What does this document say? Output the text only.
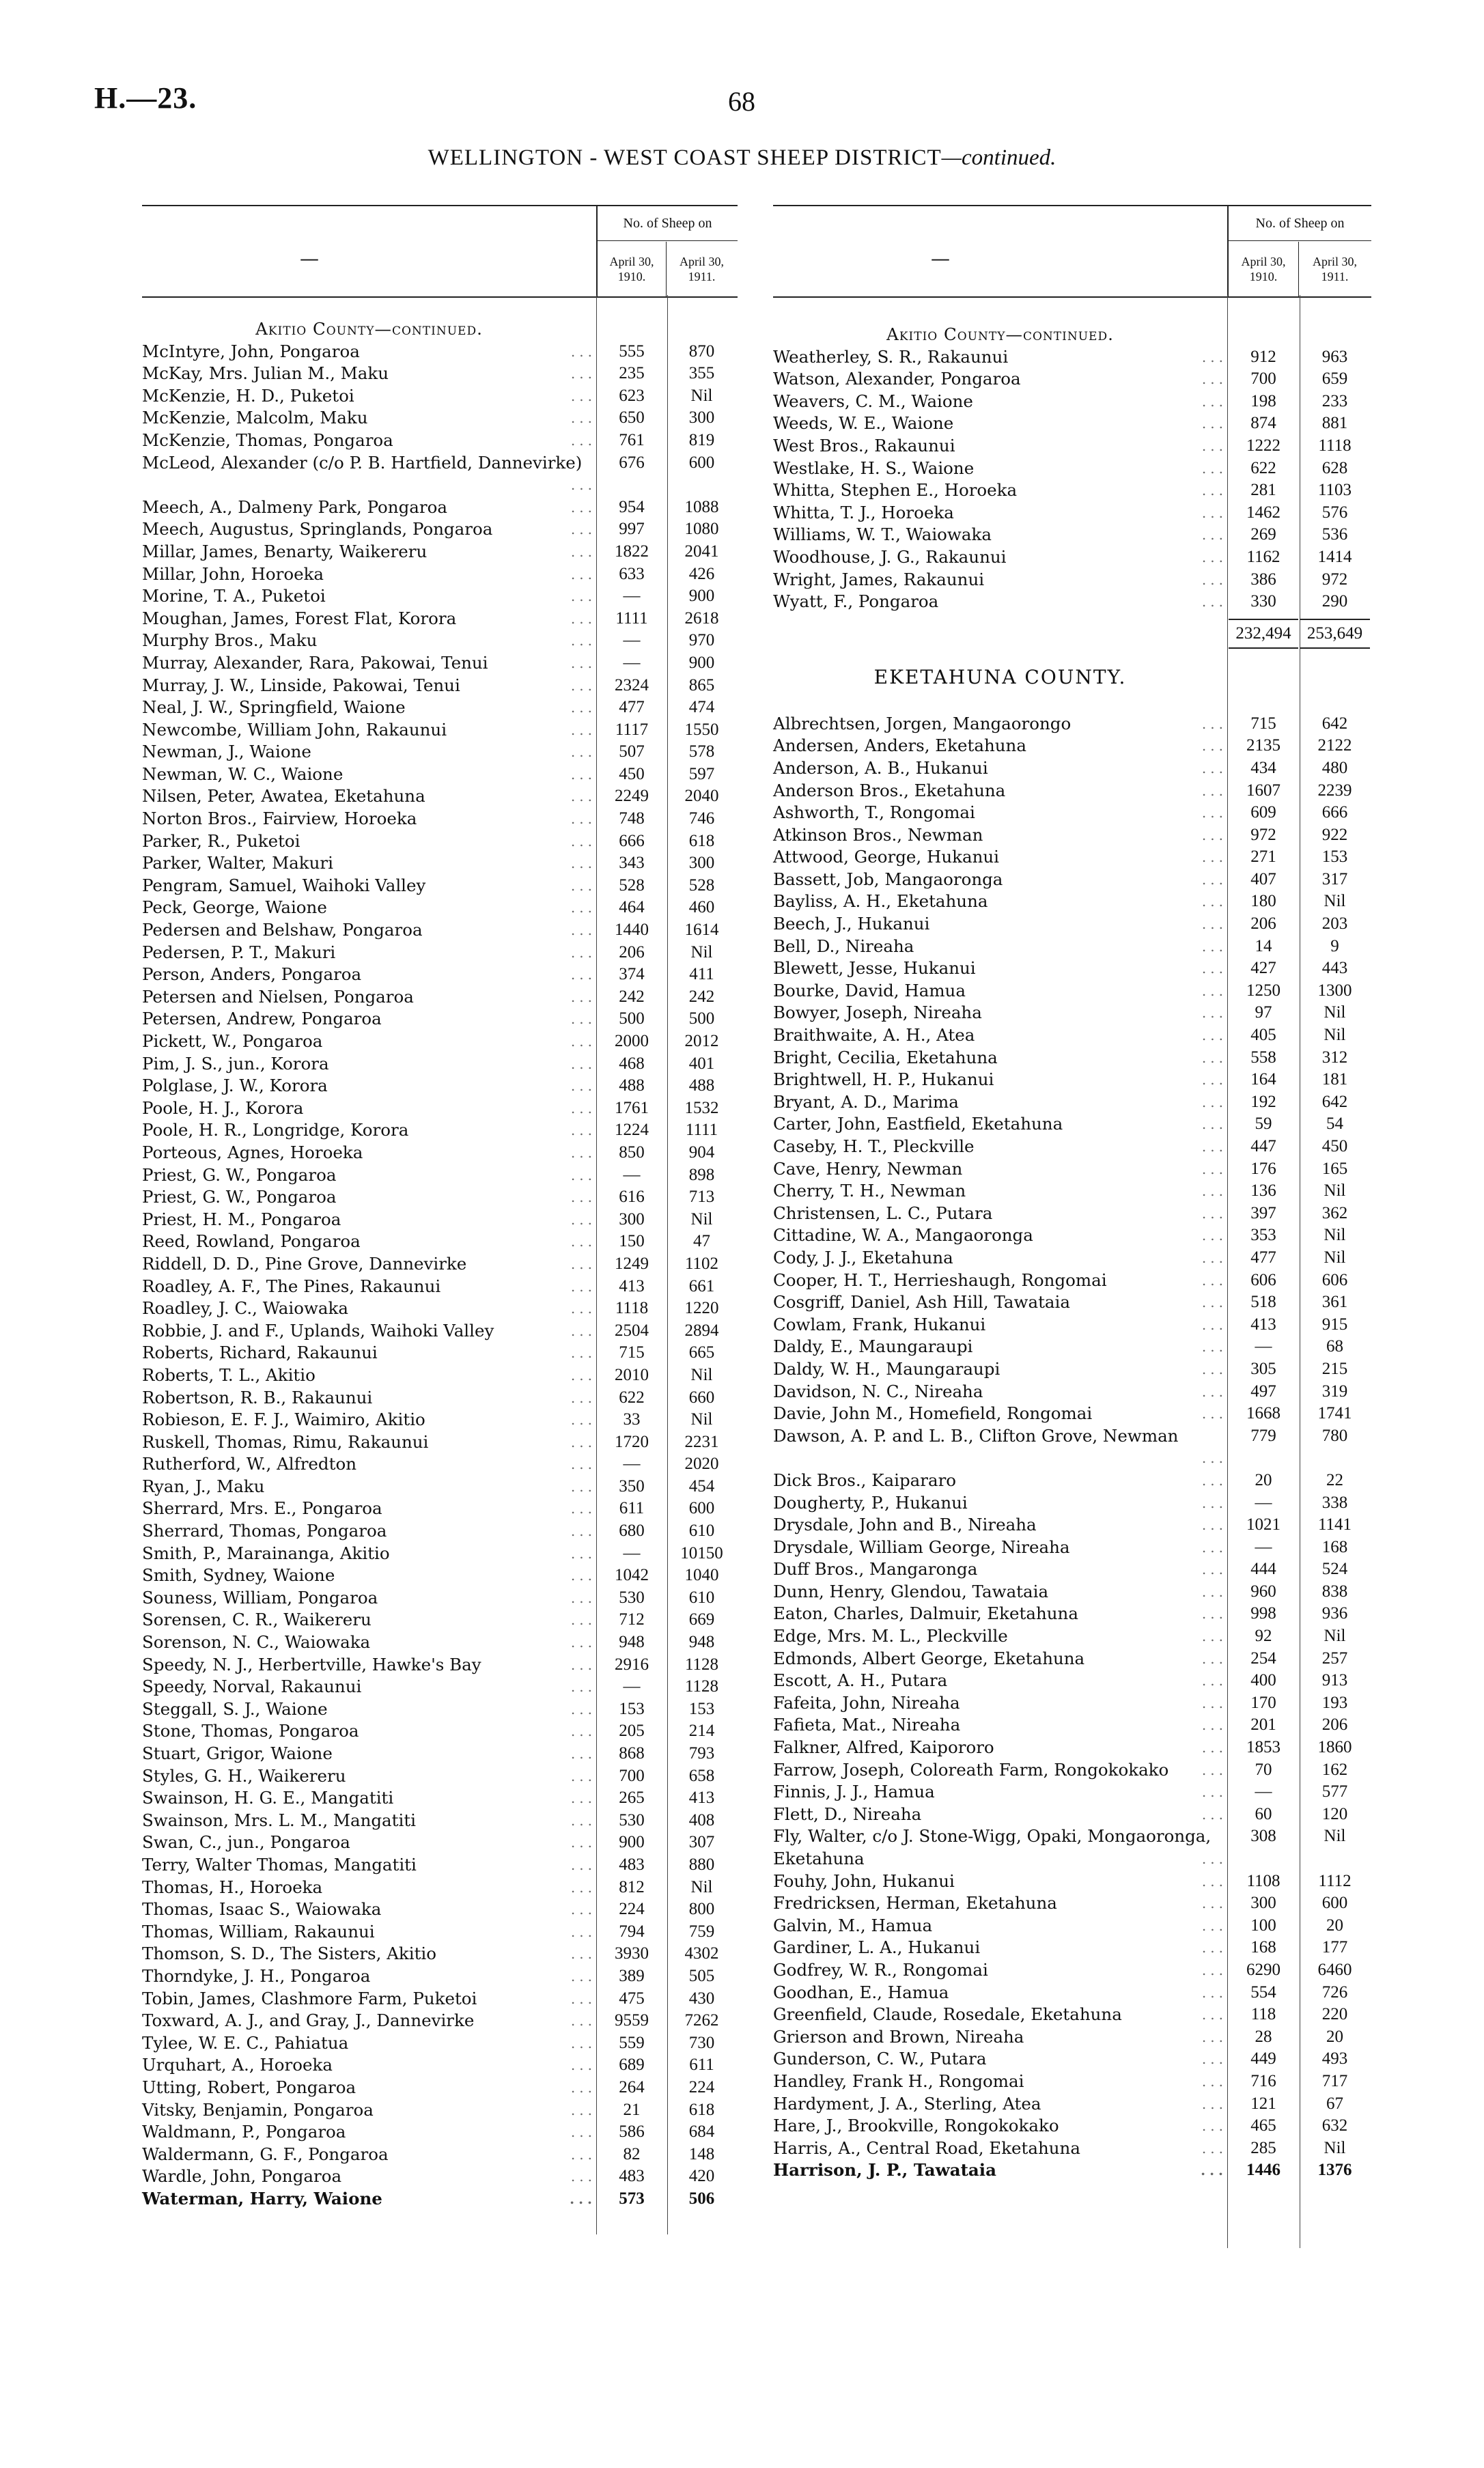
H.—23.	68
WELLINGTON - WEST COAST SHEEP DISTRICT—continued.
—
No. of Sheep on
April 30, 1910.
April 30, 1911.
Akitio County—continued.
...
McIntyre, John, Pongaroa	555	870
...
McKay, Mrs. Julian M., Maku	235	355
...
McKenzie, H. D., Puketoi	623	Nil
...
McKenzie, Malcolm, Maku	650	300
...
McKenzie, Thomas, Pongaroa	761	819
...
McLeod, Alexander (c/o P. B. Hartfield, Dannevirke)	676	600
...
Meech, A., Dalmeny Park, Pongaroa	954	1088
...
Meech, Augustus, Springlands, Pongaroa	997	1080
...
Millar, James, Benarty, Waikereru	1822	2041
...
Millar, John, Horoeka	633	426
...
Morine, T. A., Puketoi	—	900
...
Moughan, James, Forest Flat, Korora	1111	2618
...
Murphy Bros., Maku	—	970
...
Murray, Alexander, Rara, Pakowai, Tenui	—	900
...
Murray, J. W., Linside, Pakowai, Tenui	2324	865
...
Neal, J. W., Springfield, Waione	477	474
...
Newcombe, William John, Rakaunui	1117	1550
...
Newman, J., Waione	507	578
...
Newman, W. C., Waione	450	597
...
Nilsen, Peter, Awatea, Eketahuna	2249	2040
...
Norton Bros., Fairview, Horoeka	748	746
...
Parker, R., Puketoi	666	618
...
Parker, Walter, Makuri	343	300
...
Pengram, Samuel, Waihoki Valley	528	528
...
Peck, George, Waione	464	460
...
Pedersen and Belshaw, Pongaroa	1440	1614
...
Pedersen, P. T., Makuri	206	Nil
...
Person, Anders, Pongaroa	374	411
...
Petersen and Nielsen, Pongaroa	242	242
...
Petersen, Andrew, Pongaroa	500	500
...
Pickett, W., Pongaroa	2000	2012
...
Pim, J. S., jun., Korora	468	401
...
Polglase, J. W., Korora	488	488
...
Poole, H. J., Korora	1761	1532
...
Poole, H. R., Longridge, Korora	1224	1111
...
Porteous, Agnes, Horoeka	850	904
...
Priest, G. W., Pongaroa	—	898
...
Priest, G. W., Pongaroa	616	713
...
Priest, H. M., Pongaroa	300	Nil
...
Reed, Rowland, Pongaroa	150	47
...
Riddell, D. D., Pine Grove, Dannevirke	1249	1102
...
Roadley, A. F., The Pines, Rakaunui	413	661
...
Roadley, J. C., Waiowaka	1118	1220
...
Robbie, J. and F., Uplands, Waihoki Valley	2504	2894
...
Roberts, Richard, Rakaunui	715	665
...
Roberts, T. L., Akitio	2010	Nil
...
Robertson, R. B., Rakaunui	622	660
...
Robieson, E. F. J., Waimiro, Akitio	33	Nil
...
Ruskell, Thomas, Rimu, Rakaunui	1720	2231
...
Rutherford, W., Alfredton	—	2020
...
Ryan, J., Maku	350	454
...
Sherrard, Mrs. E., Pongaroa	611	600
...
Sherrard, Thomas, Pongaroa	680	610
...
Smith, P., Marainanga, Akitio	—	10150
...
Smith, Sydney, Waione	1042	1040
...
Souness, William, Pongaroa	530	610
...
Sorensen, C. R., Waikereru	712	669
...
Sorenson, N. C., Waiowaka	948	948
...
Speedy, N. J., Herbertville, Hawke's Bay	2916	1128
...
Speedy, Norval, Rakaunui	—	1128
...
Steggall, S. J., Waione	153	153
...
Stone, Thomas, Pongaroa	205	214
...
Stuart, Grigor, Waione	868	793
...
Styles, G. H., Waikereru	700	658
...
Swainson, H. G. E., Mangatiti	265	413
...
Swainson, Mrs. L. M., Mangatiti	530	408
...
Swan, C., jun., Pongaroa	900	307
...
Terry, Walter Thomas, Mangatiti	483	880
...
Thomas, H., Horoeka	812	Nil
...
Thomas, Isaac S., Waiowaka	224	800
...
Thomas, William, Rakaunui	794	759
...
Thomson, S. D., The Sisters, Akitio	3930	4302
...
Thorndyke, J. H., Pongaroa	389	505
...
Tobin, James, Clashmore Farm, Puketoi	475	430
...
Toxward, A. J., and Gray, J., Dannevirke	9559	7262
...
Tylee, W. E. C., Pahiatua	559	730
...
Urquhart, A., Horoeka	689	611
...
Utting, Robert, Pongaroa	264	224
...
Vitsky, Benjamin, Pongaroa	21	618
...
Waldmann, P., Pongaroa	586	684
...
Waldermann, G. F., Pongaroa	82	148
...
Wardle, John, Pongaroa	483	420
...
Waterman, Harry, Waione	573	506
—
No. of Sheep on
April 30, 1910.
April 30, 1911.
Akitio County—continued.
...
Weatherley, S. R., Rakaunui	912	963
...
Watson, Alexander, Pongaroa	700	659
...
Weavers, C. M., Waione	198	233
...
Weeds, W. E., Waione	874	881
...
West Bros., Rakaunui	1222	1118
...
Westlake, H. S., Waione	622	628
...
Whitta, Stephen E., Horoeka	281	1103
...
Whitta, T. J., Horoeka	1462	576
...
Williams, W. T., Waiowaka	269	536
...
Woodhouse, J. G., Rakaunui	1162	1414
...
Wright, James, Rakaunui	386	972
...
Wyatt, F., Pongaroa	330	290
232,494 253,649
EKETAHUNA COUNTY.
...
Albrechtsen, Jorgen, Mangaorongo	715	642
...
Andersen, Anders, Eketahuna	2135	2122
...
Anderson, A. B., Hukanui	434	480
...
Anderson Bros., Eketahuna	1607	2239
...
Ashworth, T., Rongomai	609	666
...
Atkinson Bros., Newman	972	922
...
Attwood, George, Hukanui	271	153
...
Bassett, Job, Mangaoronga	407	317
...
Bayliss, A. H., Eketahuna	180	Nil
...
Beech, J., Hukanui	206	203
...
Bell, D., Nireaha	14	9
...
Blewett, Jesse, Hukanui	427	443
...
Bourke, David, Hamua	1250	1300
...
Bowyer, Joseph, Nireaha	97	Nil
...
Braithwaite, A. H., Atea	405	Nil
...
Bright, Cecilia, Eketahuna	558	312
...
Brightwell, H. P., Hukanui	164	181
...
Bryant, A. D., Marima	192	642
...
Carter, John, Eastfield, Eketahuna	59	54
...
Caseby, H. T., Pleckville	447	450
...
Cave, Henry, Newman	176	165
...
Cherry, T. H., Newman	136	Nil
...
Christensen, L. C., Putara	397	362
...
Cittadine, W. A., Mangaoronga	353	Nil
...
Cody, J. J., Eketahuna	477	Nil
...
Cooper, H. T., Herrieshaugh, Rongomai	606	606
...
Cosgriff, Daniel, Ash Hill, Tawataia	518	361
...
Cowlam, Frank, Hukanui	413	915
...
Daldy, E., Maungaraupi	—	68
...
Daldy, W. H., Maungaraupi	305	215
...
Davidson, N. C., Nireaha	497	319
...
Davie, John M., Homefield, Rongomai	1668	1741
...
Dawson, A. P. and L. B., Clifton Grove, Newman	779	780
...
Dick Bros., Kaipararo	20	22
...
Dougherty, P., Hukanui	—	338
...
Drysdale, John and B., Nireaha	1021	1141
...
Drysdale, William George, Nireaha	—	168
...
Duff Bros., Mangaronga	444	524
...
Dunn, Henry, Glendou, Tawataia	960	838
...
Eaton, Charles, Dalmuir, Eketahuna	998	936
...
Edge, Mrs. M. L., Pleckville	92	Nil
...
Edmonds, Albert George, Eketahuna	254	257
...
Escott, A. H., Putara	400	913
...
Fafeita, John, Nireaha	170	193
...
Fafieta, Mat., Nireaha	201	206
...
Falkner, Alfred, Kaipororo	1853	1860
...
Farrow, Joseph, Coloreath Farm, Rongokokako	70	162
...
Finnis, J. J., Hamua	—	577
...
Flett, D., Nireaha	60	120
...
Fly, Walter, c/o J. Stone-Wigg, Opaki, Mongaoronga, Eketahuna
308	Nil
...
Fouhy, John, Hukanui	1108	1112
...
Fredricksen, Herman, Eketahuna	300	600
...
Galvin, M., Hamua	100	20
...
Gardiner, L. A., Hukanui	168	177
...
Godfrey, W. R., Rongomai	6290	6460
...
Goodhan, E., Hamua	554	726
...
Greenfield, Claude, Rosedale, Eketahuna	118	220
...
Grierson and Brown, Nireaha	28	20
...
Gunderson, C. W., Putara	449	493
...
Handley, Frank H., Rongomai	716	717
...
Hardyment, J. A., Sterling, Atea	121	67
...
Hare, J., Brookville, Rongokokako	465	632
...
Harris, A., Central Road, Eketahuna	285	Nil
...
Harrison, J. P., Tawataia	1446	1376
